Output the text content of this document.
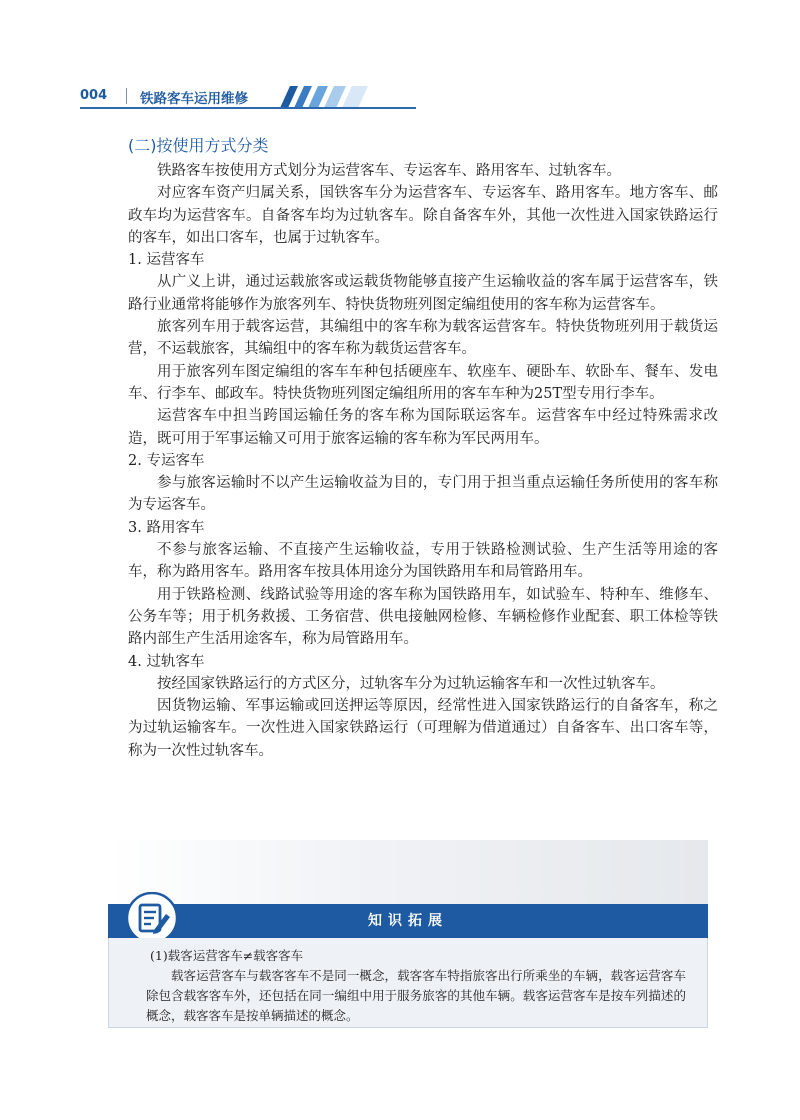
004 铁路客车运用维修
(二)按使用方式分类

铁路客车按使用方式划分为运营客车、专运客车、路用客车、过轨客车。

对应客车资产归属关系，国铁客车分为运营客车、专运客车、路用客车。地方客车、邮政车均为运营客车。自备客车均为过轨客车。除自备客车外，其他一次性进入国家铁路运行的客车，如出口客车，也属于过轨客车。

1. 运营客车

从广义上讲，通过运载旅客或运载货物能够直接产生运输收益的客车属于运营客车，铁路行业通常将能够作为旅客列车、特快货物班列图定编组使用的客车称为运营客车。

旅客列车用于载客运营，其编组中的客车称为载客运营客车。特快货物班列用于载货运营，不运载旅客，其编组中的客车称为载货运营客车。

用于旅客列车图定编组的客车车种包括硬座车、软座车、硬卧车、软卧车、餐车、发电车、行李车、邮政车。特快货物班列图定编组所用的客车车种为25T型专用行李车。

运营客车中担当跨国运输任务的客车称为国际联运客车。运营客车中经过特殊需求改造，既可用于军事运输又可用于旅客运输的客车称为军民两用车。

2. 专运客车

参与旅客运输时不以产生运输收益为目的，专门用于担当重点运输任务所使用的客车称为专运客车。

3. 路用客车

不参与旅客运输、不直接产生运输收益，专用于铁路检测试验、生产生活等用途的客车，称为路用客车。路用客车按具体用途分为国铁路用车和局管路用车。

用于铁路检测、线路试验等用途的客车称为国铁路用车，如试验车、特种车、维修车、公务车等；用于机务救援、工务宿营、供电接触网检修、车辆检修作业配套、职工体检等铁路内部生产生活用途客车，称为局管路用车。

4. 过轨客车

按经国家铁路运行的方式区分，过轨客车分为过轨运输客车和一次性过轨客车。

因货物运输、军事运输或回送押运等原因，经常性进入国家铁路运行的自备客车，称之为过轨运输客车。一次性进入国家铁路运行（可理解为借道通过）自备客车、出口客车等，称为一次性过轨客车。

知识拓展

(1)载客运营客车≠载客客车

载客运营客车与载客客车不是同一概念，载客客车特指旅客出行所乘坐的车辆，载客运营客车除包含载客客车外，还包括在同一编组中用于服务旅客的其他车辆。载客运营客车是按车列描述的概念，载客客车是按单辆描述的概念。
